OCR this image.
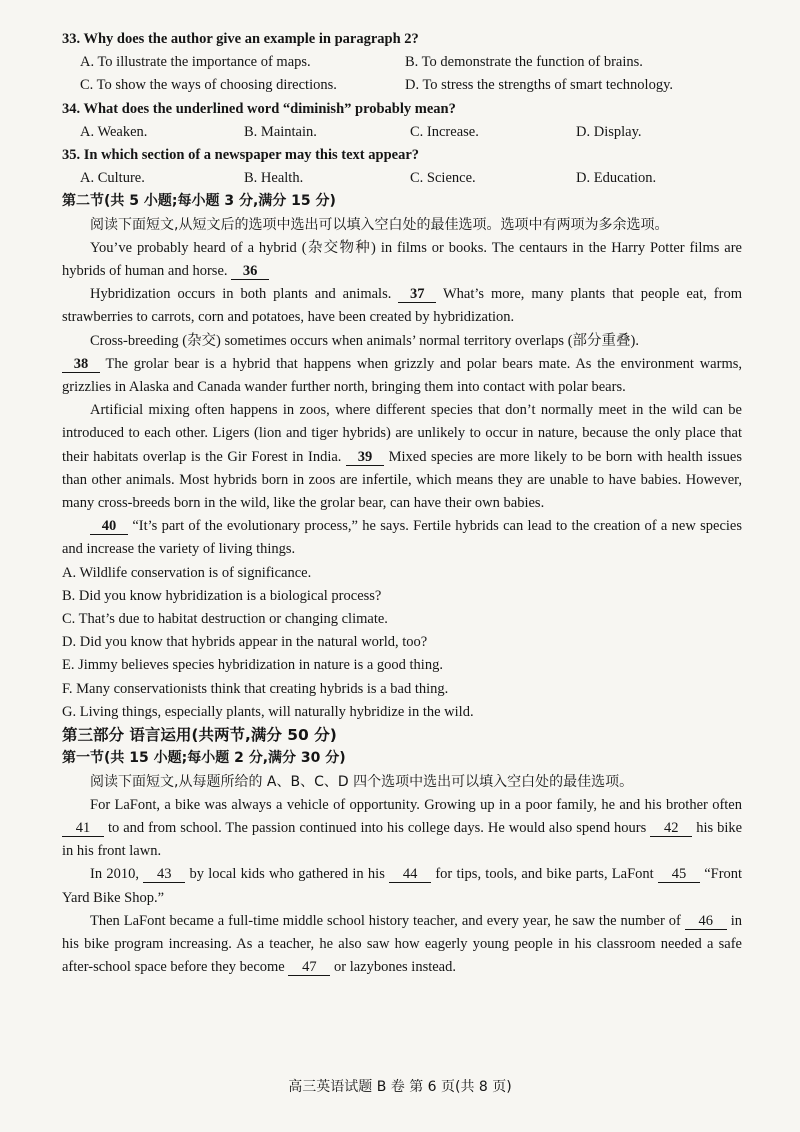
33. Why does the author give an example in paragraph 2?
A. To illustrate the importance of maps.	B. To demonstrate the function of brains.
C. To show the ways of choosing directions.	D. To stress the strengths of smart technology.
34. What does the underlined word “diminish” probably mean?
A. Weaken.	B. Maintain.	C. Increase.	D. Display.
35. In which section of a newspaper may this text appear?
A. Culture.	B. Health.	C. Science.	D. Education.
第二节(共 5 小题;每小题 3 分,满分 15 分)
阅读下面短文,从短文后的选项中选出可以填入空白处的最佳选项。选项中有两项为多余选项。

You’ve probably heard of a hybrid (杂交物种) in films or books. The centaurs in the Harry Potter films are hybrids of human and horse. 36

Hybridization occurs in both plants and animals. 37 What’s more, many plants that people eat, from strawberries to carrots, corn and potatoes, have been created by hybridization.

Cross-breeding (杂交) sometimes occurs when animals’ normal territory overlaps (部分重叠).

38 The grolar bear is a hybrid that happens when grizzly and polar bears mate. As the environment warms, grizzlies in Alaska and Canada wander further north, bringing them into contact with polar bears.

Artificial mixing often happens in zoos, where different species that don’t normally meet in the wild can be introduced to each other. Ligers (lion and tiger hybrids) are unlikely to occur in nature, because the only place that their habitats overlap is the Gir Forest in India. 39 Mixed species are more likely to be born with health issues than other animals. Most hybrids born in zoos are infertile, which means they are unable to have babies. However, many cross-breeds born in the wild, like the grolar bear, can have their own babies.

40 “It’s part of the evolutionary process,” he says. Fertile hybrids can lead to the creation of a new species and increase the variety of living things.

A. Wildlife conservation is of significance.
B. Did you know hybridization is a biological process?
C. That’s due to habitat destruction or changing climate.
D. Did you know that hybrids appear in the natural world, too?
E. Jimmy believes species hybridization in nature is a good thing.
F. Many conservationists think that creating hybrids is a bad thing.
G. Living things, especially plants, will naturally hybridize in the wild.
第三部分 语言运用(共两节,满分 50 分)
第一节(共 15 小题;每小题 2 分,满分 30 分)
阅读下面短文,从每题所给的 A、B、C、D 四个选项中选出可以填入空白处的最佳选项。

For LaFont, a bike was always a vehicle of opportunity. Growing up in a poor family, he and his brother often 41 to and from school. The passion continued into his college days. He would also spend hours 42 his bike in his front lawn.

In 2010, 43 by local kids who gathered in his 44 for tips, tools, and bike parts, LaFont 45 “Front Yard Bike Shop.”

Then LaFont became a full-time middle school history teacher, and every year, he saw the number of 46 in his bike program increasing. As a teacher, he also saw how eagerly young people in his classroom needed a safe after-school space before they become 47 or lazybones instead.

高三英语试题 B 卷 第 6 页(共 8 页)
